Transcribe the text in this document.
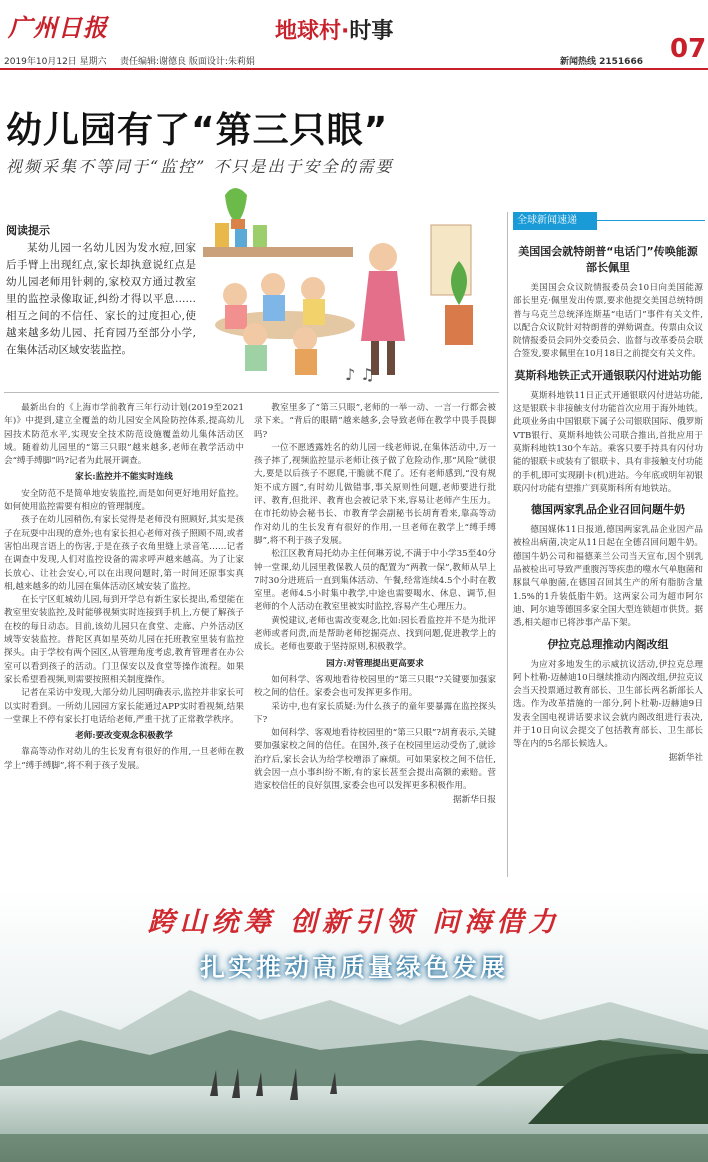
广州日报	地球村·时事
07
2019年10月12日 星期六 责任编辑:谢德良 版面设计:朱莉娟	新闻热线 2151666
幼儿园有了“第三只眼”
视频采集不等同于“监控” 不只是出于安全的需要
♪ ♫
阅读提示

某幼儿园一名幼儿因为发水痘,回家后手臂上出现红点,家长却执意说红点是幼儿园老师用针刺的,家校双方通过教室里的监控录像取证,纠纷才得以平息……相互之间的不信任、家长的过度担心,使越来越多幼儿园、托育园乃至部分小学,在集体活动区域安装监控。

最新出台的《上海市学前教育三年行动计划(2019至2021年)》中提到,建立全覆盖的幼儿园安全风险防控体系,提高幼儿园技术防范水平,实现安全技术防范设施覆盖幼儿集体活动区域。随着幼儿园里的“第三只眼”越来越多,老师在教学活动中会“缚手缚脚”吗?记者为此展开调查。

家长:监控并不能实时连线

安全防范不是简单地安装监控,而是如何更好地用好监控。如何使用监控需要有相应的管理制度。

孩子在幼儿园稍伤,有家长觉得是老师没有照顾好,其实是孩子在玩耍中出现的意外;也有家长担心老师对孩子照顾不周,或者害怕出现言语上的伤害,于是在孩子衣角里缝上录音笔……记者在调查中发现,人们对监控设备的需求呼声越来越高。为了让家长放心、让社会安心,可以在出现问题时,第一时间还原事实真相,越来越多的幼儿园在集体活动区域安装了监控。

在长宁区虹城幼儿园,每到开学总有新生家长提出,希望能在教室里安装监控,及时能够视频实时连接到手机上,方便了解孩子在校的每日动态。目前,该幼儿园只在食堂、走廊、户外活动区域等安装监控。普陀区真如星英幼儿园在托班教室里装有监控探头。由于学校有两个园区,从管理角度考虑,教育管理者在办公室可以看到孩子的活动。门卫保安以及食堂等操作流程。如果家长希望看视频,则需要按照相关制度操作。

记者在采访中发现,大部分幼儿园明确表示,监控并非家长可以实时看到。一所幼儿园园方家长能通过APP实时看视频,结果一堂课上不停有家长打电话给老师,严重干扰了正常教学秩序。

老师:要改变观念积极教学

靠高等动作对幼儿的生长发育有很好的作用,一旦老师在教学上“缚手缚脚”,将不利于孩子发展。

教室里多了“第三只眼”,老师的一举一动、一言一行都会被录下来。“背后的眼睛”越来越多,会导致老师在教学中畏手畏脚吗?

一位不愿透露姓名的幼儿园一线老师说,在集体活动中,万一孩子摔了,视频监控显示老师让孩子做了危险动作,那“风险”就很大,要是以后孩子不愿爬,干脆就不爬了。还有老师感到,“没有规矩不成方圆”,有时幼儿做错事,事关原则性问题,老师要进行批评、教育,但批评、教育也会被记录下来,容易让老师产生压力。在市托幼协会秘书长、市教育学会副秘书长胡育看来,靠高等动作对幼儿的生长发育有很好的作用,一旦老师在教学上“缚手缚脚”,将不利于孩子发展。

松江区教育局托幼办主任何琳芳说,不满于中小学35至40分钟一堂课,幼儿园里教保教人员的配置为“两教一保”,教师从早上7时30分进班后一直到集体活动、午餐,经常连续4.5个小时在教室里。老师4.5小时集中教学,中途也需要喝水、休息、调节,但老师的个人活动在教室里被实时监控,容易产生心理压力。

黄悦建议,老师也需改变观念,比如:园长看监控并不是为批评老师或者问责,而是帮助老师挖掘亮点、找到问题,促进教学上的成长。老师也要敢于坚持原则,积极教学。

园方:对管理提出更高要求

如何科学、客观地看待校园里的“第三只眼”?关键要加强家校之间的信任。家委会也可发挥更多作用。

采访中,也有家长质疑:为什么孩子的童年要暴露在监控探头下?

如何科学、客观地看待校园里的“第三只眼”?胡育表示,关键要加强家校之间的信任。在国外,孩子在校园里运动受伤了,就诊治疗后,家长会认为给学校增添了麻烦。可如果家校之间不信任,就会因一点小事纠纷不断,有的家长甚至会提出高额的索赔。营造家校信任的良好氛围,家委会也可以发挥更多积极作用。

据新华日报

全球新闻速递
美国国会就特朗普“电话门”传唤能源部长佩里

美国国会众议院情报委员会10日向美国能源部长里克·佩里发出传票,要求他提交美国总统特朗普与乌克兰总统泽连斯基“电话门”事件有关文件,以配合众议院针对特朗普的弹劾调查。传票由众议院情报委员会同外交委员会、监督与改革委员会联合签发,要求佩里在10月18日之前提交有关文件。

莫斯科地铁正式开通银联闪付进站功能

莫斯科地铁11日正式开通银联闪付进站功能,这是银联卡非接触支付功能首次应用于海外地铁。此项业务由中国银联下属子公司银联国际、俄罗斯VTB银行、莫斯科地铁公司联合推出,首批应用于莫斯科地铁130个车站。乘客只要手持具有闪付功能的银联卡或装有了银联卡、具有非接触支付功能的手机,即可实现刷卡(机)进站。今年底或明年初银联闪付功能有望推广到莫斯科所有地铁站。

德国两家乳品企业召回问题牛奶

德国媒体11日报道,德国两家乳品企业因产品被检出病菌,决定从11日起在全德召回问题牛奶。德国牛奶公司和福德莱兰公司当天宣布,因个别乳品被检出可导致严重腹泻等疾患的噬水气单胞菌和豚鼠气单胞菌,在德国召回其生产的所有脂肪含量1.5%的1升装低脂牛奶。这两家公司为超市阿尔迪、阿尔迪等德国多家全国大型连锁超市供货。据悉,相关超市已将涉事产品下架。

伊拉克总理推动内阁改组

为应对多地发生的示威抗议活动,伊拉克总理阿卜杜勒-迈赫迪10日继续推动内阁改组,伊拉克议会当天投票通过教育部长、卫生部长两名新部长人选。作为改革措施的一部分,阿卜杜勒-迈赫迪9日发表全国电视讲话要求议会就内阁改组进行表决,并于10日向议会提交了包括教育部长、卫生部长等在内的5名部长候选人。

据新华社

跨山统筹 创新引领 问海借力
扎实推动高质量绿色发展
